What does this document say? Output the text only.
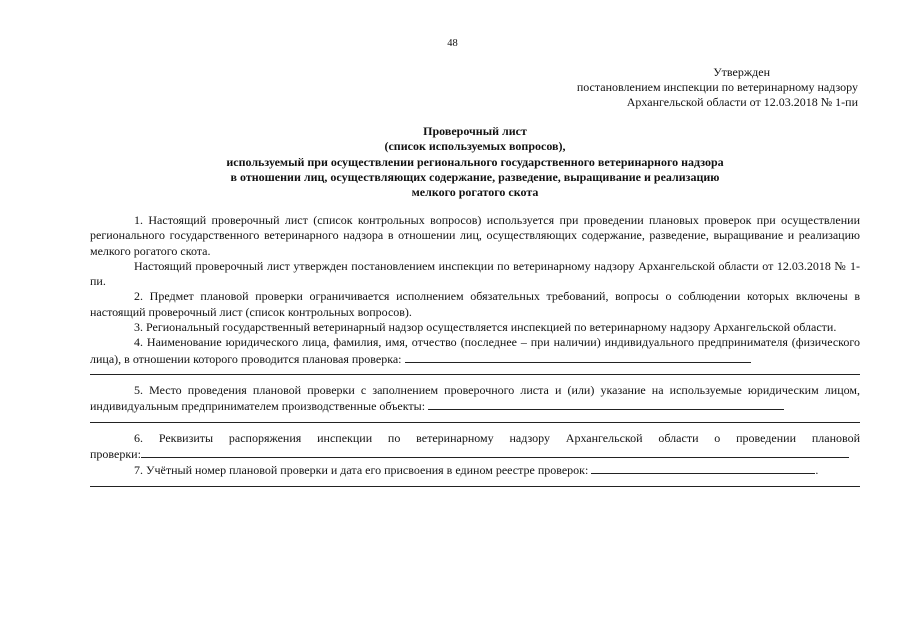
48
Утвержден
постановлением инспекции по ветеринарному надзору
Архангельской области от 12.03.2018 № 1-пи
Проверочный лист
(список используемых вопросов),
используемый при осуществлении регионального государственного ветеринарного надзора
в отношении лиц, осуществляющих содержание, разведение, выращивание и реализацию
мелкого рогатого скота

1. Настоящий проверочный лист (список контрольных вопросов) используется при проведении плановых проверок при осуществлении регионального государственного ветеринарного надзора в отношении лиц, осуществляющих содержание, разведение, выращивание и реализацию мелкого рогатого скота.

Настоящий проверочный лист утвержден постановлением инспекции по ветеринарному надзору Архангельской области от 12.03.2018 № 1-пи.

2. Предмет плановой проверки ограничивается исполнением обязательных требований, вопросы о соблюдении которых включены в настоящий проверочный лист (список контрольных вопросов).

3. Региональный государственный ветеринарный надзор осуществляется инспекцией по ветеринарному надзору Архангельской области.

4. Наименование юридического лица, фамилия, имя, отчество (последнее – при наличии) индивидуального предпринимателя (физического лица), в отношении которого проводится плановая проверка:

5. Место проведения плановой проверки с заполнением проверочного листа и (или) указание на используемые юридическим лицом, индивидуальным предпринимателем производственные объекты:

6. Реквизиты распоряжения инспекции по ветеринарному надзору Архангельской области о проведении плановой

проверки:

7. Учётный номер плановой проверки и дата его присвоения в едином реестре проверок:	.
